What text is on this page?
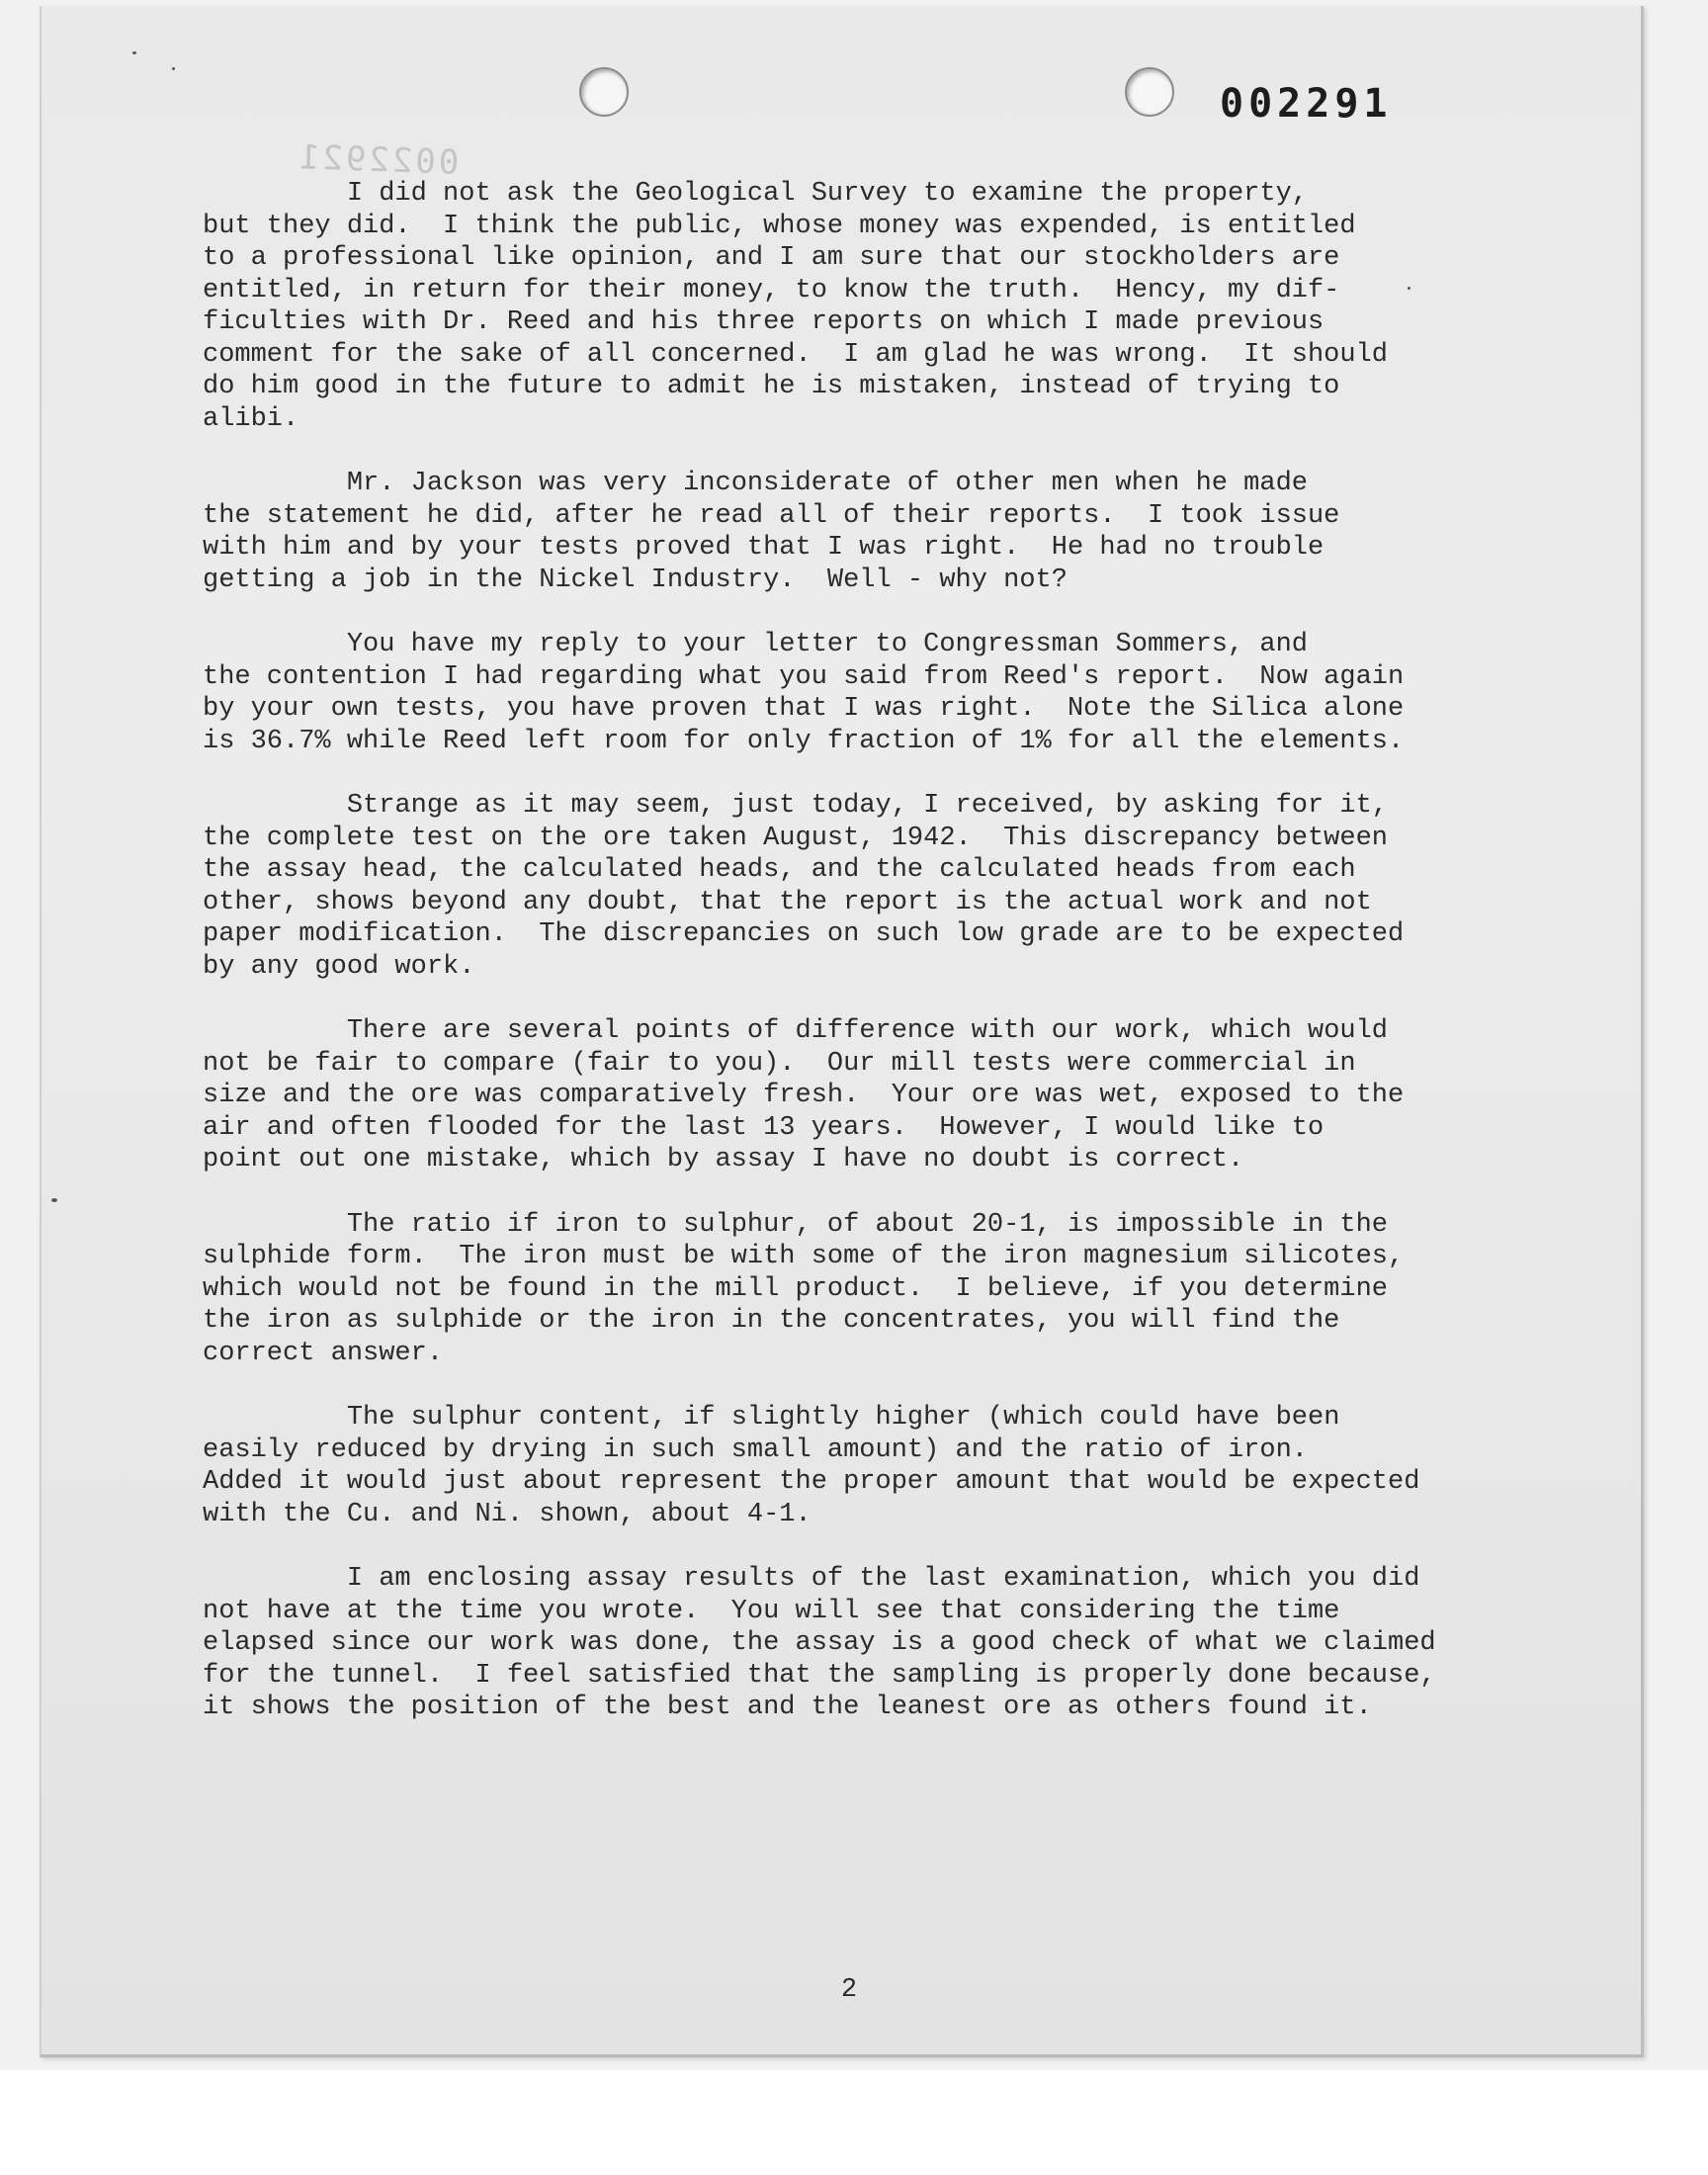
002291
0022921

I did not ask the Geological Survey to examine the property,
but they did.  I think the public, whose money was expended, is entitled
to a professional like opinion, and I am sure that our stockholders are
entitled, in return for their money, to know the truth.  Hency, my dif-
ficulties with Dr. Reed and his three reports on which I made previous
comment for the sake of all concerned.  I am glad he was wrong.  It should
do him good in the future to admit he is mistaken, instead of trying to
alibi.

Mr. Jackson was very inconsiderate of other men when he made
the statement he did, after he read all of their reports.  I took issue
with him and by your tests proved that I was right.  He had no trouble
getting a job in the Nickel Industry.  Well - why not?

You have my reply to your letter to Congressman Sommers, and
the contention I had regarding what you said from Reed's report.  Now again
by your own tests, you have proven that I was right.  Note the Silica alone
is 36.7% while Reed left room for only fraction of 1% for all the elements.

Strange as it may seem, just today, I received, by asking for it,
the complete test on the ore taken August, 1942.  This discrepancy between
the assay head, the calculated heads, and the calculated heads from each
other, shows beyond any doubt, that the report is the actual work and not
paper modification.  The discrepancies on such low grade are to be expected
by any good work.

There are several points of difference with our work, which would
not be fair to compare (fair to you).  Our mill tests were commercial in
size and the ore was comparatively fresh.  Your ore was wet, exposed to the
air and often flooded for the last 13 years.  However, I would like to
point out one mistake, which by assay I have no doubt is correct.

The ratio if iron to sulphur, of about 20-1, is impossible in the
sulphide form.  The iron must be with some of the iron magnesium silicotes,
which would not be found in the mill product.  I believe, if you determine
the iron as sulphide or the iron in the concentrates, you will find the
correct answer.

The sulphur content, if slightly higher (which could have been
easily reduced by drying in such small amount) and the ratio of iron.
Added it would just about represent the proper amount that would be expected
with the Cu. and Ni. shown, about 4-1.

I am enclosing assay results of the last examination, which you did
not have at the time you wrote.  You will see that considering the time
elapsed since our work was done, the assay is a good check of what we claimed
for the tunnel.  I feel satisfied that the sampling is properly done because,
it shows the position of the best and the leanest ore as others found it.

2
